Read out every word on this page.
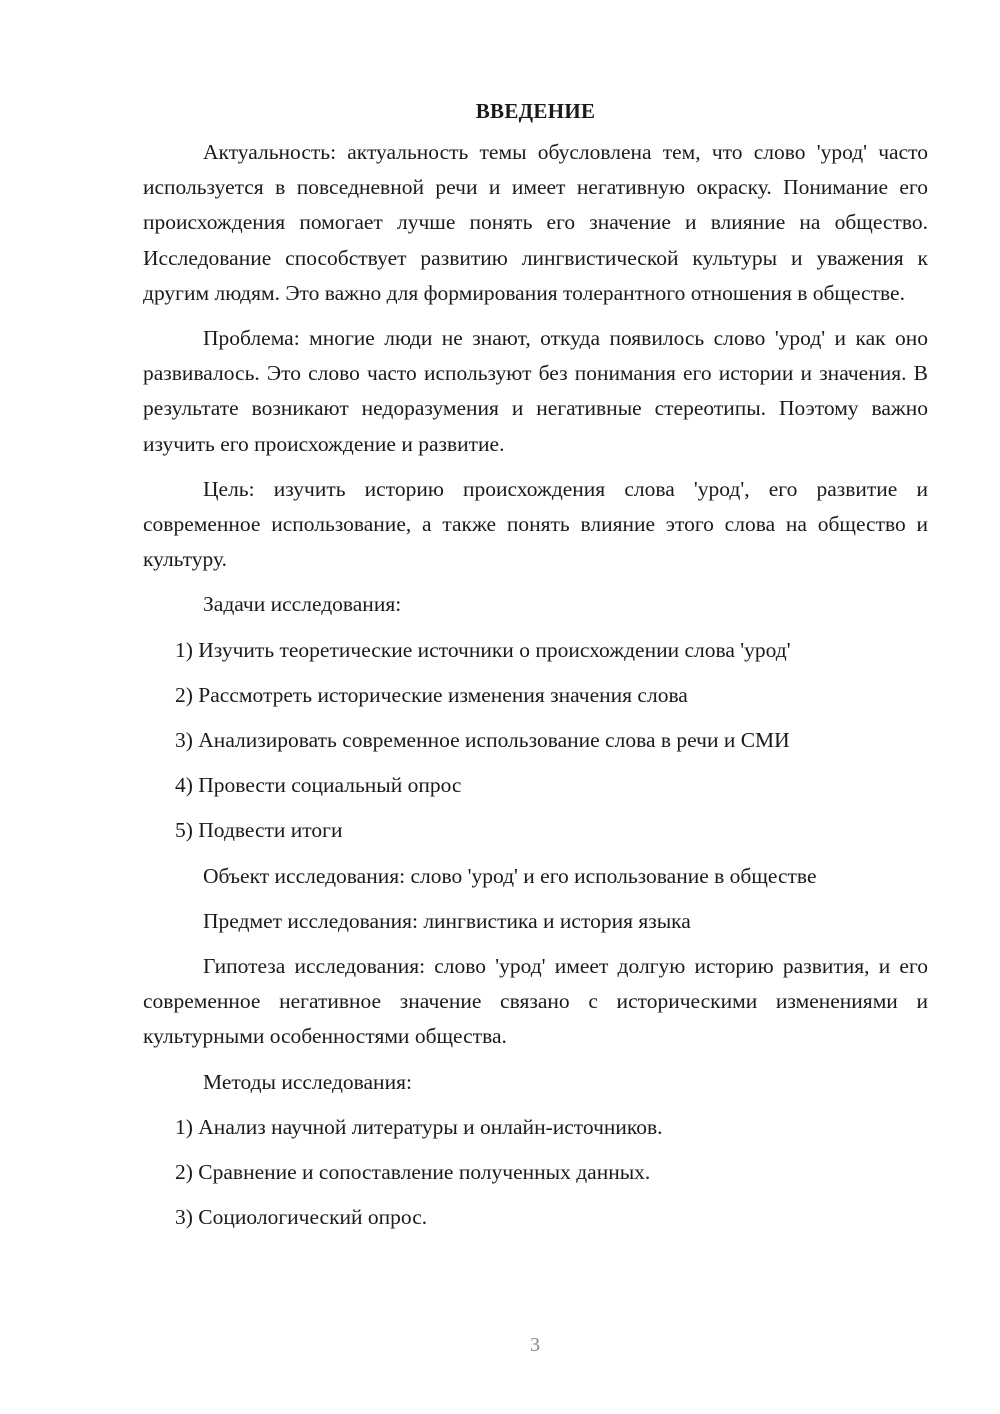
ВВЕДЕНИЕ

Актуальность: актуальность темы обусловлена тем, что слово 'урод' часто используется в повседневной речи и имеет негативную окраску. Понимание его происхождения помогает лучше понять его значение и влияние на общество. Исследование способствует развитию лингвистической культуры и уважения к другим людям. Это важно для формирования толерантного отношения в обществе.

Проблема: многие люди не знают, откуда появилось слово 'урод' и как оно развивалось. Это слово часто используют без понимания его истории и значения. В результате возникают недоразумения и негативные стереотипы. Поэтому важно изучить его происхождение и развитие.

Цель: изучить историю происхождения слова 'урод', его развитие и современное использование, а также понять влияние этого слова на общество и культуру.

Задачи исследования:

1) Изучить теоретические источники о происхождении слова 'урод'

2) Рассмотреть исторические изменения значения слова

3) Анализировать современное использование слова в речи и СМИ

4) Провести социальный опрос

5) Подвести итоги

Объект исследования: слово 'урод' и его использование в обществе

Предмет исследования: лингвистика и история языка

Гипотеза исследования: слово 'урод' имеет долгую историю развития, и его современное негативное значение связано с историческими изменениями и культурными особенностями общества.

Методы исследования:

1) Анализ научной литературы и онлайн-источников.

2) Сравнение и сопоставление полученных данных.

3) Социологический опрос.

3
